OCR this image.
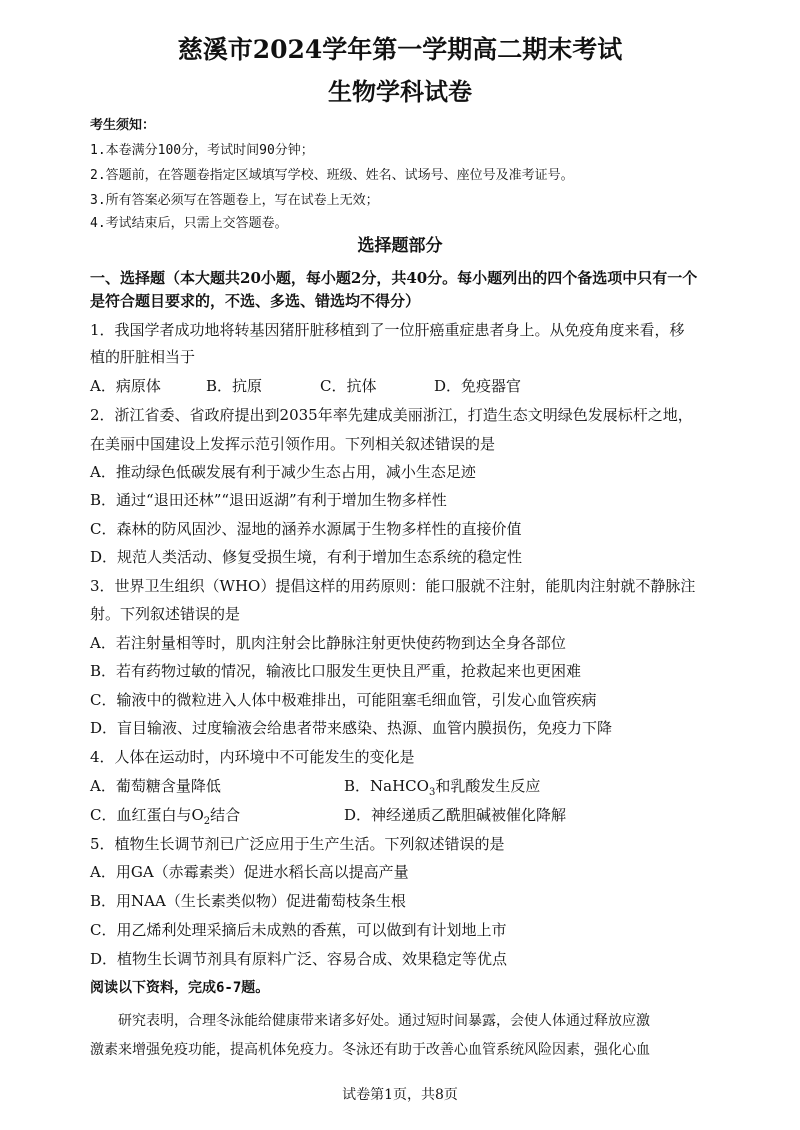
慈溪市2024学年第一学期高二期末考试
生物学科试卷
考生须知：
1.本卷满分100分，考试时间90分钟；
2.答题前，在答题卷指定区域填写学校、班级、姓名、试场号、座位号及准考证号。
3.所有答案必须写在答题卷上，写在试卷上无效；
4.考试结束后，只需上交答题卷。
选择题部分
一、选择题（本大题共20小题，每小题2分，共40分。每小题列出的四个备选项中只有一个
是符合题目要求的，不选、多选、错选均不得分）
1．我国学者成功地将转基因猪肝脏移植到了一位肝癌重症患者身上。从免疫角度来看，移
植的肝脏相当于
A．病原体	B．抗原	C．抗体	D．免疫器官
2．浙江省委、省政府提出到2035年率先建成美丽浙江，打造生态文明绿色发展标杆之地，
在美丽中国建设上发挥示范引领作用。下列相关叙述错误的是
A．推动绿色低碳发展有利于减少生态占用，减小生态足迹
B．通过“退田还林”“退田返湖”有利于增加生物多样性
C．森林的防风固沙、湿地的涵养水源属于生物多样性的直接价值
D．规范人类活动、修复受损生境，有利于增加生态系统的稳定性
3．世界卫生组织（WHO）提倡这样的用药原则：能口服就不注射，能肌肉注射就不静脉注
射。下列叙述错误的是
A．若注射量相等时，肌肉注射会比静脉注射更快使药物到达全身各部位
B．若有药物过敏的情况，输液比口服发生更快且严重，抢救起来也更困难
C．输液中的微粒进入人体中极难排出，可能阻塞毛细血管，引发心血管疾病
D．盲目输液、过度输液会给患者带来感染、热源、血管内膜损伤，免疫力下降
4．人体在运动时，内环境中不可能发生的变化是
A．葡萄糖含量降低	B．NaHCO$_3$和乳酸发生反应
C．血红蛋白与$O_2$结合	D．神经递质乙酰胆碱被催化降解
5．植物生长调节剂已广泛应用于生产生活。下列叙述错误的是
A．用GA（赤霉素类）促进水稻长高以提高产量
B．用NAA（生长素类似物）促进葡萄枝条生根
C．用乙烯利处理采摘后未成熟的香蕉，可以做到有计划地上市
D．植物生长调节剂具有原料广泛、容易合成、效果稳定等优点
阅读以下资料，完成6-7题。
研究表明，合理冬泳能给健康带来诸多好处。通过短时间暴露，会使人体通过释放应激
激素来增强免疫功能，提高机体免疫力。冬泳还有助于改善心血管系统风险因素，强化心血
试卷第1页，共8页
